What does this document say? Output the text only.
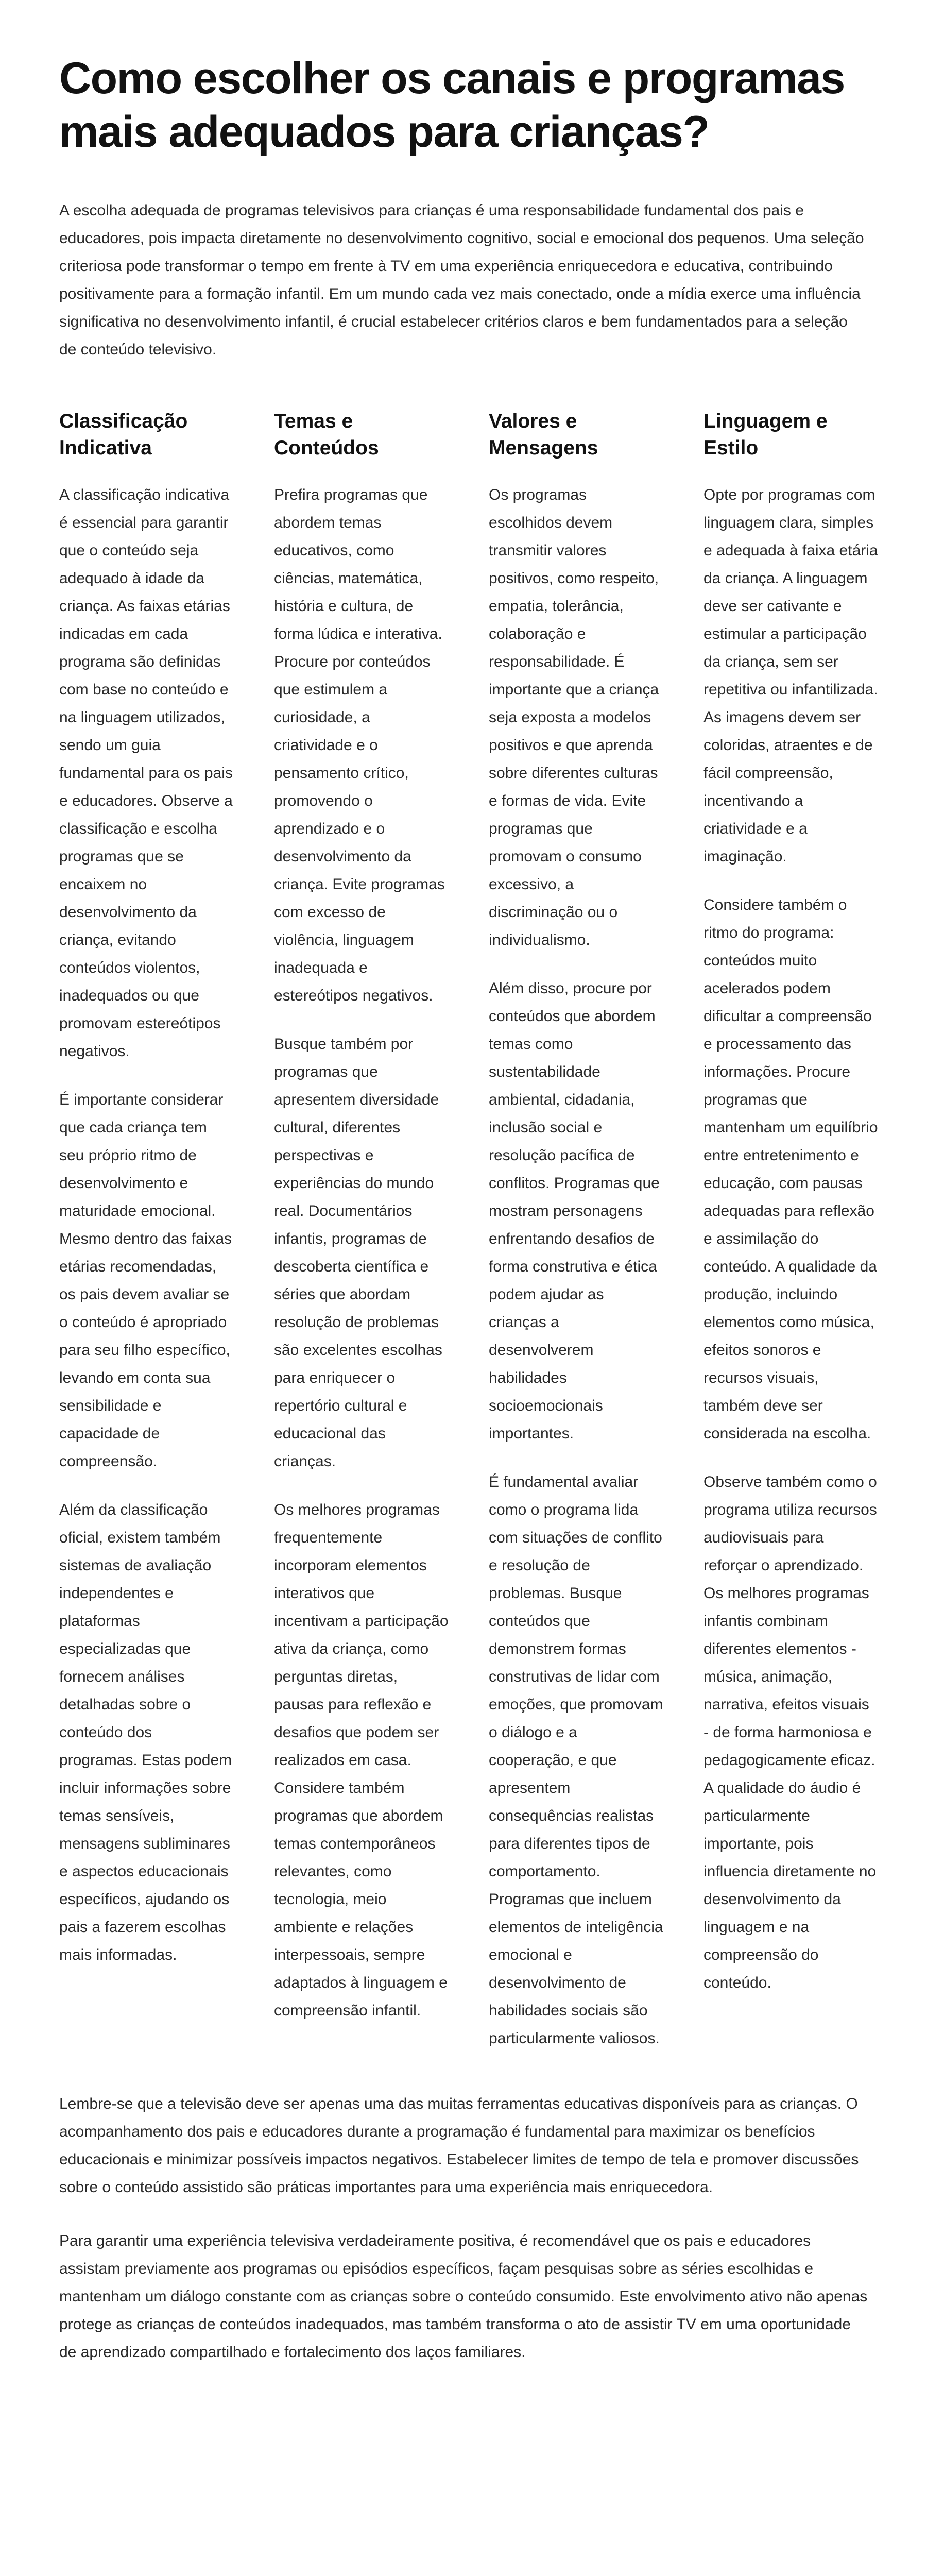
Como escolher os canais e programas mais adequados para crianças?

A escolha adequada de programas televisivos para crianças é uma responsabilidade fundamental dos pais e educadores, pois impacta diretamente no desenvolvimento cognitivo, social e emocional dos pequenos. Uma seleção criteriosa pode transformar o tempo em frente à TV em uma experiência enriquecedora e educativa, contribuindo positivamente para a formação infantil. Em um mundo cada vez mais conectado, onde a mídia exerce uma influência significativa no desenvolvimento infantil, é crucial estabelecer critérios claros e bem fundamentados para a seleção de conteúdo televisivo.

Classificação Indicativa

A classificação indicativa é essencial para garantir que o conteúdo seja adequado à idade da criança. As faixas etárias indicadas em cada programa são definidas com base no conteúdo e na linguagem utilizados, sendo um guia fundamental para os pais e educadores. Observe a classificação e escolha programas que se encaixem no desenvolvimento da criança, evitando conteúdos violentos, inadequados ou que promovam estereótipos negativos.

É importante considerar que cada criança tem seu próprio ritmo de desenvolvimento e maturidade emocional. Mesmo dentro das faixas etárias recomendadas, os pais devem avaliar se o conteúdo é apropriado para seu filho específico, levando em conta sua sensibilidade e capacidade de compreensão.

Além da classificação oficial, existem também sistemas de avaliação independentes e plataformas especializadas que fornecem análises detalhadas sobre o conteúdo dos programas. Estas podem incluir informações sobre temas sensíveis, mensagens subliminares e aspectos educacionais específicos, ajudando os pais a fazerem escolhas mais informadas.

Temas e Conteúdos

Prefira programas que abordem temas educativos, como ciências, matemática, história e cultura, de forma lúdica e interativa. Procure por conteúdos que estimulem a curiosidade, a criatividade e o pensamento crítico, promovendo o aprendizado e o desenvolvimento da criança. Evite programas com excesso de violência, linguagem inadequada e estereótipos negativos.

Busque também por programas que apresentem diversidade cultural, diferentes perspectivas e experiências do mundo real. Documentários infantis, programas de descoberta científica e séries que abordam resolução de problemas são excelentes escolhas para enriquecer o repertório cultural e educacional das crianças.

Os melhores programas frequentemente incorporam elementos interativos que incentivam a participação ativa da criança, como perguntas diretas, pausas para reflexão e desafios que podem ser realizados em casa. Considere também programas que abordem temas contemporâneos relevantes, como tecnologia, meio ambiente e relações interpessoais, sempre adaptados à linguagem e compreensão infantil.

Valores e Mensagens

Os programas escolhidos devem transmitir valores positivos, como respeito, empatia, tolerância, colaboração e responsabilidade. É importante que a criança seja exposta a modelos positivos e que aprenda sobre diferentes culturas e formas de vida. Evite programas que promovam o consumo excessivo, a discriminação ou o individualismo.

Além disso, procure por conteúdos que abordem temas como sustentabilidade ambiental, cidadania, inclusão social e resolução pacífica de conflitos. Programas que mostram personagens enfrentando desafios de forma construtiva e ética podem ajudar as crianças a desenvolverem habilidades socioemocionais importantes.

É fundamental avaliar como o programa lida com situações de conflito e resolução de problemas. Busque conteúdos que demonstrem formas construtivas de lidar com emoções, que promovam o diálogo e a cooperação, e que apresentem consequências realistas para diferentes tipos de comportamento. Programas que incluem elementos de inteligência emocional e desenvolvimento de habilidades sociais são particularmente valiosos.

Linguagem e Estilo

Opte por programas com linguagem clara, simples e adequada à faixa etária da criança. A linguagem deve ser cativante e estimular a participação da criança, sem ser repetitiva ou infantilizada. As imagens devem ser coloridas, atraentes e de fácil compreensão, incentivando a criatividade e a imaginação.

Considere também o ritmo do programa: conteúdos muito acelerados podem dificultar a compreensão e processamento das informações. Procure programas que mantenham um equilíbrio entre entretenimento e educação, com pausas adequadas para reflexão e assimilação do conteúdo. A qualidade da produção, incluindo elementos como música, efeitos sonoros e recursos visuais, também deve ser considerada na escolha.

Observe também como o programa utiliza recursos audiovisuais para reforçar o aprendizado. Os melhores programas infantis combinam diferentes elementos - música, animação, narrativa, efeitos visuais - de forma harmoniosa e pedagogicamente eficaz. A qualidade do áudio é particularmente importante, pois influencia diretamente no desenvolvimento da linguagem e na compreensão do conteúdo.

Lembre-se que a televisão deve ser apenas uma das muitas ferramentas educativas disponíveis para as crianças. O acompanhamento dos pais e educadores durante a programação é fundamental para maximizar os benefícios educacionais e minimizar possíveis impactos negativos. Estabelecer limites de tempo de tela e promover discussões sobre o conteúdo assistido são práticas importantes para uma experiência mais enriquecedora.

Para garantir uma experiência televisiva verdadeiramente positiva, é recomendável que os pais e educadores assistam previamente aos programas ou episódios específicos, façam pesquisas sobre as séries escolhidas e mantenham um diálogo constante com as crianças sobre o conteúdo consumido. Este envolvimento ativo não apenas protege as crianças de conteúdos inadequados, mas também transforma o ato de assistir TV em uma oportunidade de aprendizado compartilhado e fortalecimento dos laços familiares.
